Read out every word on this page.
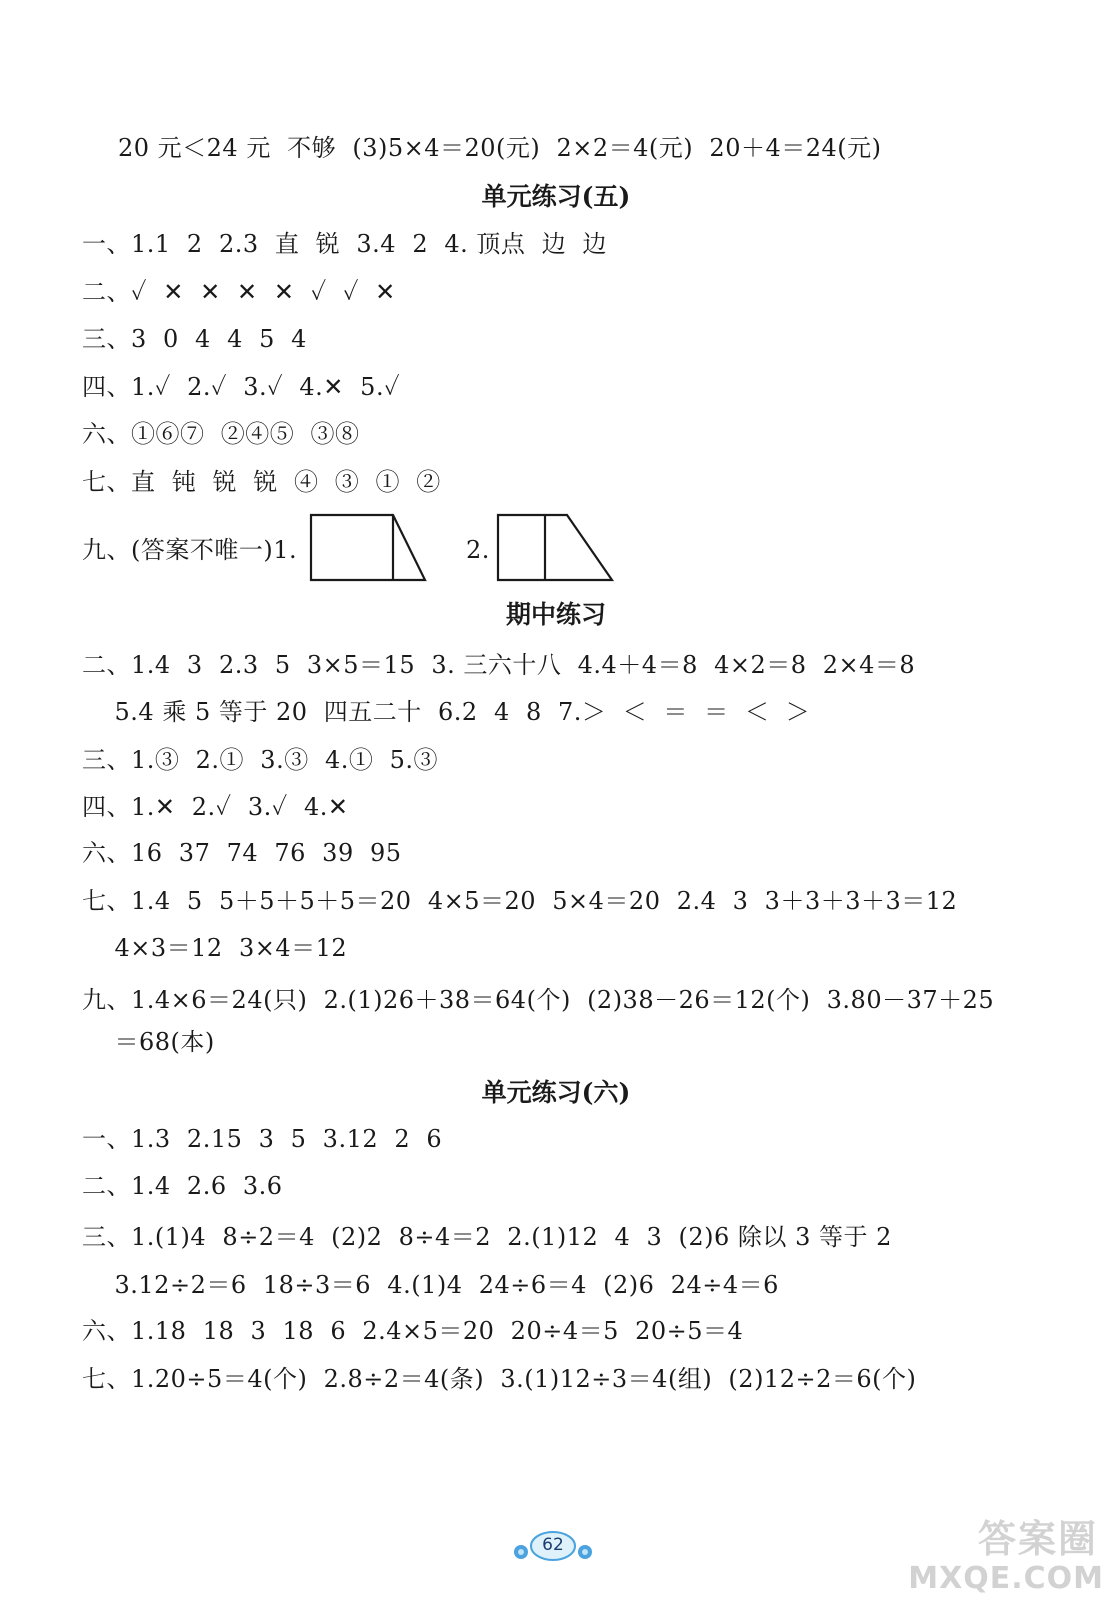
20 元＜24 元  不够  (3)5×4＝20(元)  2×2＝4(元)  20＋4＝24(元)
单元练习(五)
一、1.1  2  2.3  直  锐  3.4  2  4. 顶点  边  边
二、✓  ✕  ✕  ✕  ✕  ✓  ✓  ✕
三、3  0  4  4  5  4
四、1.✓  2.✓  3.✓  4.✕  5.✓
六、①⑥⑦  ②④⑤  ③⑧
七、直  钝  锐  锐  ④  ③  ①  ②
九、(答案不唯一)1.	2.
期中练习
二、1.4  3  2.3  5  3×5＝15  3. 三六十八  4.4＋4＝8  4×2＝8  2×4＝8
5.4 乘 5 等于 20  四五二十  6.2  4  8  7.＞  ＜  ＝  ＝  ＜  ＞
三、1.③  2.①  3.③  4.①  5.③
四、1.✕  2.✓  3.✓  4.✕
六、16  37  74  76  39  95
七、1.4  5  5＋5＋5＋5＝20  4×5＝20  5×4＝20  2.4  3  3＋3＋3＋3＝12
4×3＝12  3×4＝12
九、1.4×6＝24(只)  2.(1)26＋38＝64(个)  (2)38－26＝12(个)  3.80－37＋25
＝68(本)
单元练习(六)
一、1.3  2.15  3  5  3.12  2  6
二、1.4  2.6  3.6
三、1.(1)4  8÷2＝4  (2)2  8÷4＝2  2.(1)12  4  3  (2)6 除以 3 等于 2
3.12÷2＝6  18÷3＝6  4.(1)4  24÷6＝4  (2)6  24÷4＝6
六、1.18  18  3  18  6  2.4×5＝20  20÷4＝5  20÷5＝4
七、1.20÷5＝4(个)  2.8÷2＝4(条)  3.(1)12÷3＝4(组)  (2)12÷2＝6(个)
62	答案圈
MXQE.COM
